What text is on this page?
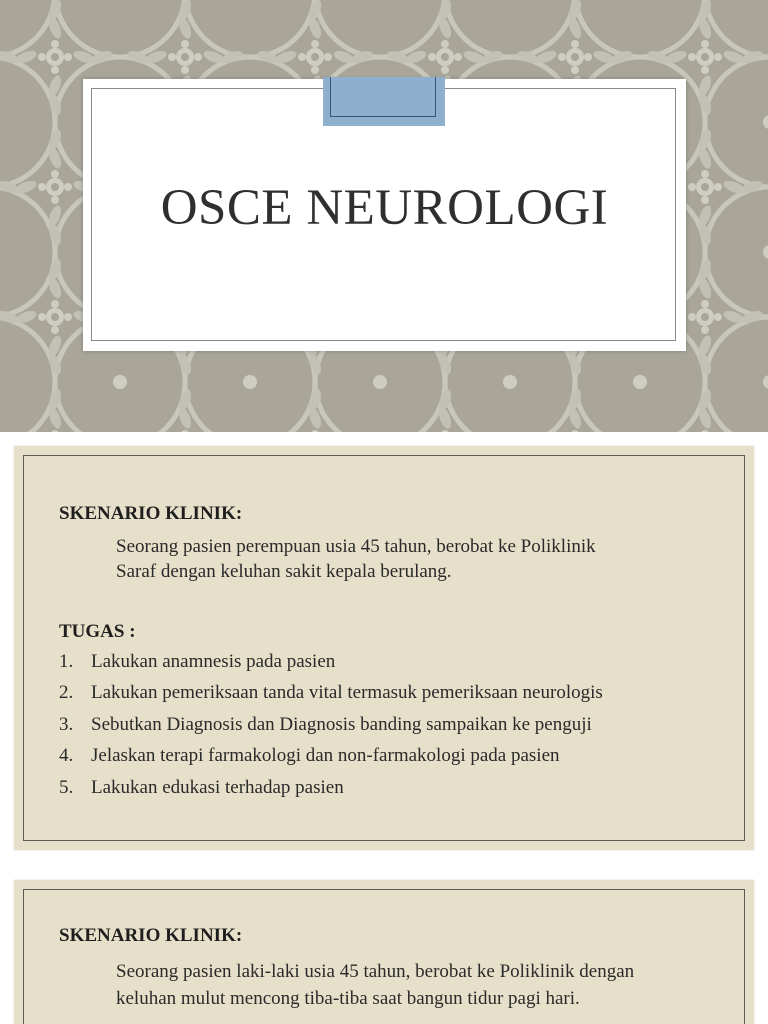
OSCE NEUROLOGI

SKENARIO KLINIK:

Seorang pasien perempuan usia 45 tahun, berobat ke Poliklinik

Saraf dengan keluhan sakit kepala berulang.

TUGAS :

1. Lakukan anamnesis pada pasien
2. Lakukan pemeriksaan tanda vital termasuk pemeriksaan neurologis
3. Sebutkan Diagnosis dan Diagnosis banding sampaikan ke penguji
4. Jelaskan terapi farmakologi dan non-farmakologi pada pasien
5. Lakukan edukasi terhadap pasien

SKENARIO KLINIK:

Seorang pasien laki-laki usia 45 tahun, berobat ke Poliklinik dengan

keluhan mulut mencong tiba-tiba saat bangun tidur pagi hari.
